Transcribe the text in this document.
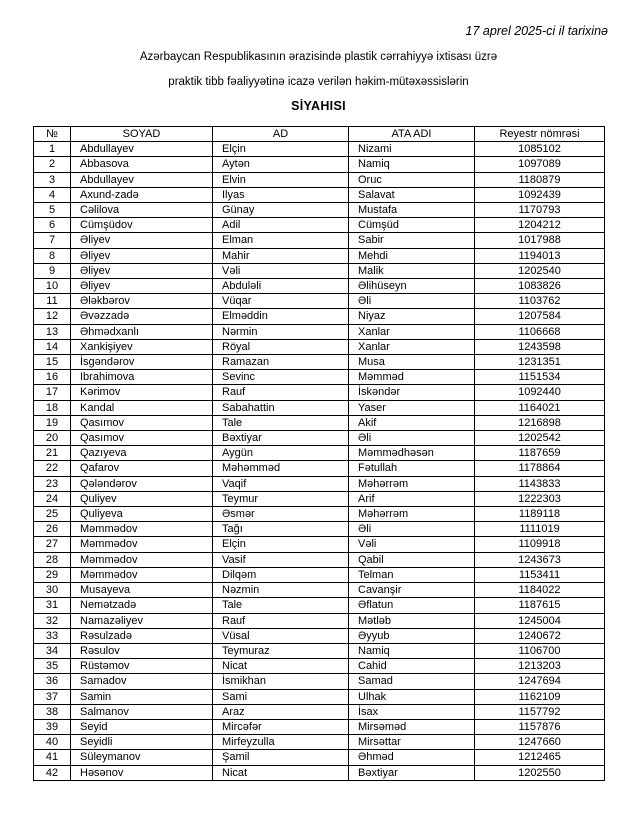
17 aprel 2025-ci il tarixinə
Azərbaycan Respublikasının ərazisində plastik cərrahiyyə ixtisası üzrə
praktik tibb fəaliyyətinə icazə verilən həkim-mütəxəssislərin
SİYAHISI
№	SOYAD	AD	ATA ADI	Reyestr nömrəsi
1	Abdullayev	Elçin	Nizami	1085102
2	Abbasova	Aytən	Namiq	1097089
3	Abdullayev	Elvin	Oruc	1180879
4	Axund-zadə	Ilyas	Salavat	1092439
5	Cəlilova	Günay	Mustafa	1170793
6	Cümşüdov	Adil	Cümşüd	1204212
7	Əliyev	Elman	Sabir	1017988
8	Əliyev	Mahir	Mehdi	1194013
9	Əliyev	Vəli	Malik	1202540
10	Əliyev	Abduləli	Əlihüseyn	1083826
11	Ələkbərov	Vüqar	Əli	1103762
12	Əvəzzadə	Elməddin	Niyaz	1207584
13	Əhmədxanlı	Nərmin	Xanlar	1106668
14	Xankişiyev	Röyal	Xanlar	1243598
15	İsgəndərov	Ramazan	Musa	1231351
16	Ibrahimova	Sevinc	Məmməd	1151534
17	Kərimov	Rauf	İskəndər	1092440
18	Kandal	Sabahattin	Yaser	1164021
19	Qasımov	Tale	Akif	1216898
20	Qasımov	Bəxtiyar	Əli	1202542
21	Qazıyeva	Aygün	Məmmədhəsən	1187659
22	Qafarov	Məhəmməd	Fətullah	1178864
23	Qələndərov	Vaqif	Məhərrəm	1143833
24	Quliyev	Teymur	Arif	1222303
25	Quliyeva	Əsmər	Məhərrəm	1189118
26	Məmmədov	Tağı	Əli	1111019
27	Məmmədov	Elçin	Vəli	1109918
28	Məmmədov	Vasif	Qabil	1243673
29	Məmmədov	Dilqəm	Telman	1153411
30	Musayeva	Nəzmin	Cavanşir	1184022
31	Nemətzadə	Tale	Əflatun	1187615
32	Namazəliyev	Rauf	Mətləb	1245004
33	Rəsulzadə	Vüsal	Əyyub	1240672
34	Rəsulov	Teymuraz	Namiq	1106700
35	Rüstəmov	Nicat	Cahid	1213203
36	Samadov	İsmikhan	Samad	1247694
37	Samin	Sami	Ulhak	1162109
38	Salmanov	Araz	İsax	1157792
39	Seyid	Mircəfər	Mirsəməd	1157876
40	Seyidli	Mirfeyzulla	Mirsəttar	1247660
41	Süleymanov	Şamil	Əhməd	1212465
42	Həsənov	Nicat	Bəxtiyar	1202550
